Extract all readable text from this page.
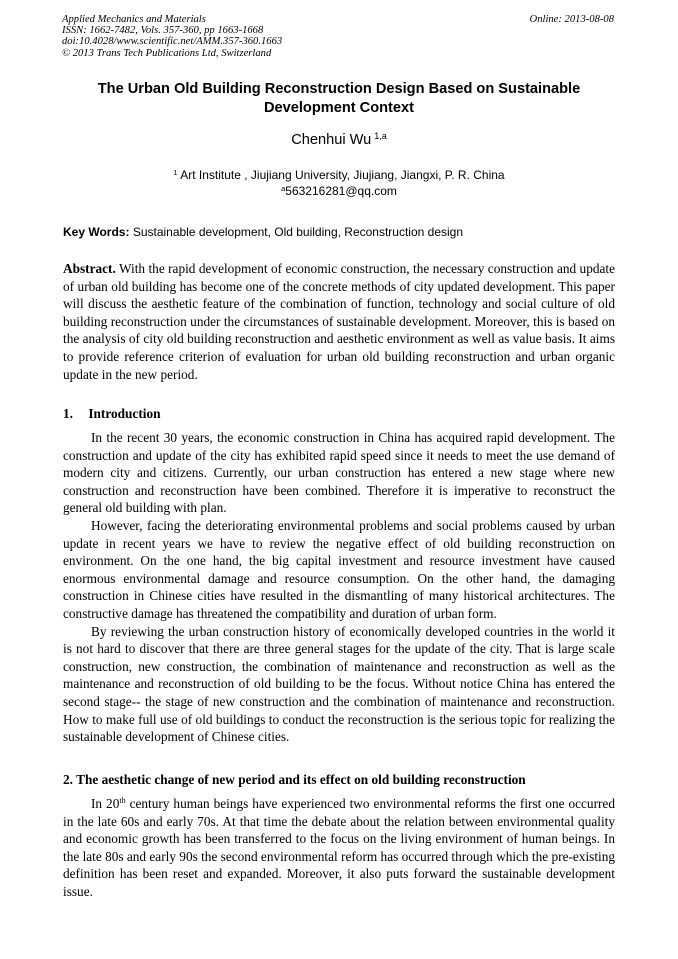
Applied Mechanics and Materials
ISSN: 1662-7482, Vols. 357-360, pp 1663-1668
doi:10.4028/www.scientific.net/AMM.357-360.1663
© 2013 Trans Tech Publications Ltd, Switzerland
Online: 2013-08-08
The Urban Old Building Reconstruction Design Based on Sustainable
Development Context
Chenhui Wu $^{1,a}$
$^1$ Art Institute , Jiujiang University, Jiujiang, Jiangxi, P. R. China
$^a$563216281@qq.com
Key Words: Sustainable development, Old building, Reconstruction design
Abstract. With the rapid development of economic construction, the necessary construction and update of urban old building has become one of the concrete methods of city updated development. This paper will discuss the aesthetic feature of the combination of function, technology and social culture of old building reconstruction under the circumstances of sustainable development. Moreover, this is based on the analysis of city old building reconstruction and aesthetic environment as well as value basis. It aims to provide reference criterion of evaluation for urban old building reconstruction and urban organic update in the new period.
1. Introduction

In the recent 30 years, the economic construction in China has acquired rapid development. The construction and update of the city has exhibited rapid speed since it needs to meet the use demand of modern city and citizens. Currently, our urban construction has entered a new stage where new construction and reconstruction have been combined. Therefore it is imperative to reconstruct the general old building with plan.

However, facing the deteriorating environmental problems and social problems caused by urban update in recent years we have to review the negative effect of old building reconstruction on environment. On the one hand, the big capital investment and resource investment have caused enormous environmental damage and resource consumption. On the other hand, the damaging construction in Chinese cities have resulted in the dismantling of many historical architectures. The constructive damage has threatened the compatibility and duration of urban form.

By reviewing the urban construction history of economically developed countries in the world it is not hard to discover that there are three general stages for the update of the city. That is large scale construction, new construction, the combination of maintenance and reconstruction as well as the maintenance and reconstruction of old building to be the focus. Without notice China has entered the second stage-- the stage of new construction and the combination of maintenance and reconstruction. How to make full use of old buildings to conduct the reconstruction is the serious topic for realizing the sustainable development of Chinese cities.

2. The aesthetic change of new period and its effect on old building reconstruction

In 20th century human beings have experienced two environmental reforms the first one occurred in the late 60s and early 70s. At that time the debate about the relation between environmental quality and economic growth has been transferred to the focus on the living environment of human beings. In the late 80s and early 90s the second environmental reform has occurred through which the pre-existing definition has been reset and expanded. Moreover, it also puts forward the sustainable development issue.
